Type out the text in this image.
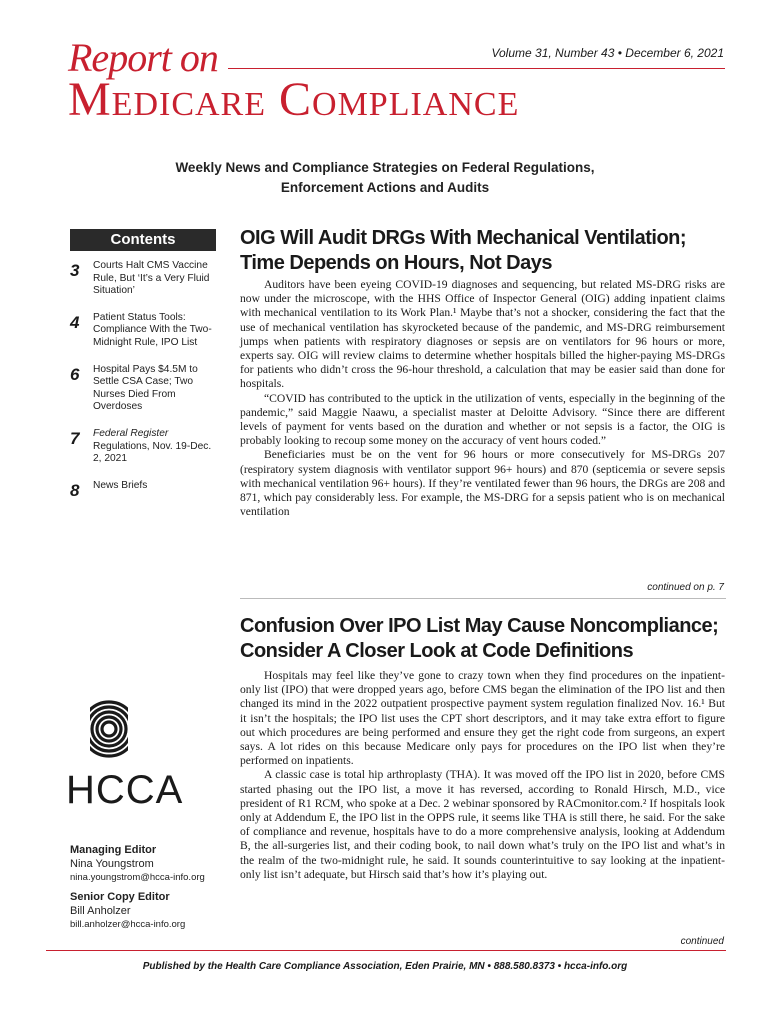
Report on	Volume 31, Number 43 • December 6, 2021
Medicare Compliance
Weekly News and Compliance Strategies on Federal Regulations,
Enforcement Actions and Audits
Contents
3	Courts Halt CMS Vaccine Rule, But ‘It’s a Very Fluid Situation’
4	Patient Status Tools: Compliance With the Two-Midnight Rule, IPO List
6	Hospital Pays $4.5M to Settle CSA Case; Two Nurses Died From Overdoses
7	Federal Register Regulations, Nov. 19-Dec. 2, 2021
8	News Briefs
HCCA
Managing Editor
Nina Youngstrom
nina.youngstrom@hcca-info.org
Senior Copy Editor
Bill Anholzer
bill.anholzer@hcca-info.org
OIG Will Audit DRGs With Mechanical Ventilation; Time Depends on Hours, Not Days

Auditors have been eyeing COVID-19 diagnoses and sequencing, but related MS-DRG risks are now under the microscope, with the HHS Office of Inspector General (OIG) adding inpatient claims with mechanical ventilation to its Work Plan.¹ Maybe that’s not a shocker, considering the fact that the use of mechanical ventilation has skyrocketed because of the pandemic, and MS-DRG reimbursement jumps when patients with respiratory diagnoses or sepsis are on ventilators for 96 hours or more, experts say. OIG will review claims to determine whether hospitals billed the higher-paying MS-DRGs for patients who didn’t cross the 96-hour threshold, a calculation that may be easier said than done for hospitals.

“COVID has contributed to the uptick in the utilization of vents, especially in the beginning of the pandemic,” said Maggie Naawu, a specialist master at Deloitte Advisory. “Since there are different levels of payment for vents based on the duration and whether or not sepsis is a factor, the OIG is probably looking to recoup some money on the accuracy of vent hours coded.”

Beneficiaries must be on the vent for 96 hours or more consecutively for MS-DRGs 207 (respiratory system diagnosis with ventilator support 96+ hours) and 870 (septicemia or severe sepsis with mechanical ventilation 96+ hours). If they’re ventilated fewer than 96 hours, the DRGs are 208 and 871, which pay considerably less. For example, the MS-DRG for a sepsis patient who is on mechanical ventilation

continued on p. 7
Confusion Over IPO List May Cause Noncompliance; Consider A Closer Look at Code Definitions

Hospitals may feel like they’ve gone to crazy town when they find procedures on the inpatient-only list (IPO) that were dropped years ago, before CMS began the elimination of the IPO list and then changed its mind in the 2022 outpatient prospective payment system regulation finalized Nov. 16.¹ But it isn’t the hospitals; the IPO list uses the CPT short descriptors, and it may take extra effort to figure out which procedures are being performed and ensure they get the right code from surgeons, an expert says. A lot rides on this because Medicare only pays for procedures on the IPO list when they’re performed on inpatients.

A classic case is total hip arthroplasty (THA). It was moved off the IPO list in 2020, before CMS started phasing out the IPO list, a move it has reversed, according to Ronald Hirsch, M.D., vice president of R1 RCM, who spoke at a Dec. 2 webinar sponsored by RACmonitor.com.² If hospitals look only at Addendum E, the IPO list in the OPPS rule, it seems like THA is still there, he said. For the sake of compliance and revenue, hospitals have to do a more comprehensive analysis, looking at Addendum B, the all-surgeries list, and their coding book, to nail down what’s truly on the IPO list and what’s in the realm of the two-midnight rule, he said. It sounds counterintuitive to say looking at the inpatient-only list isn’t adequate, but Hirsch said that’s how it’s playing out.

continued
Published by the Health Care Compliance Association, Eden Prairie, MN • 888.580.8373 • hcca-info.org
